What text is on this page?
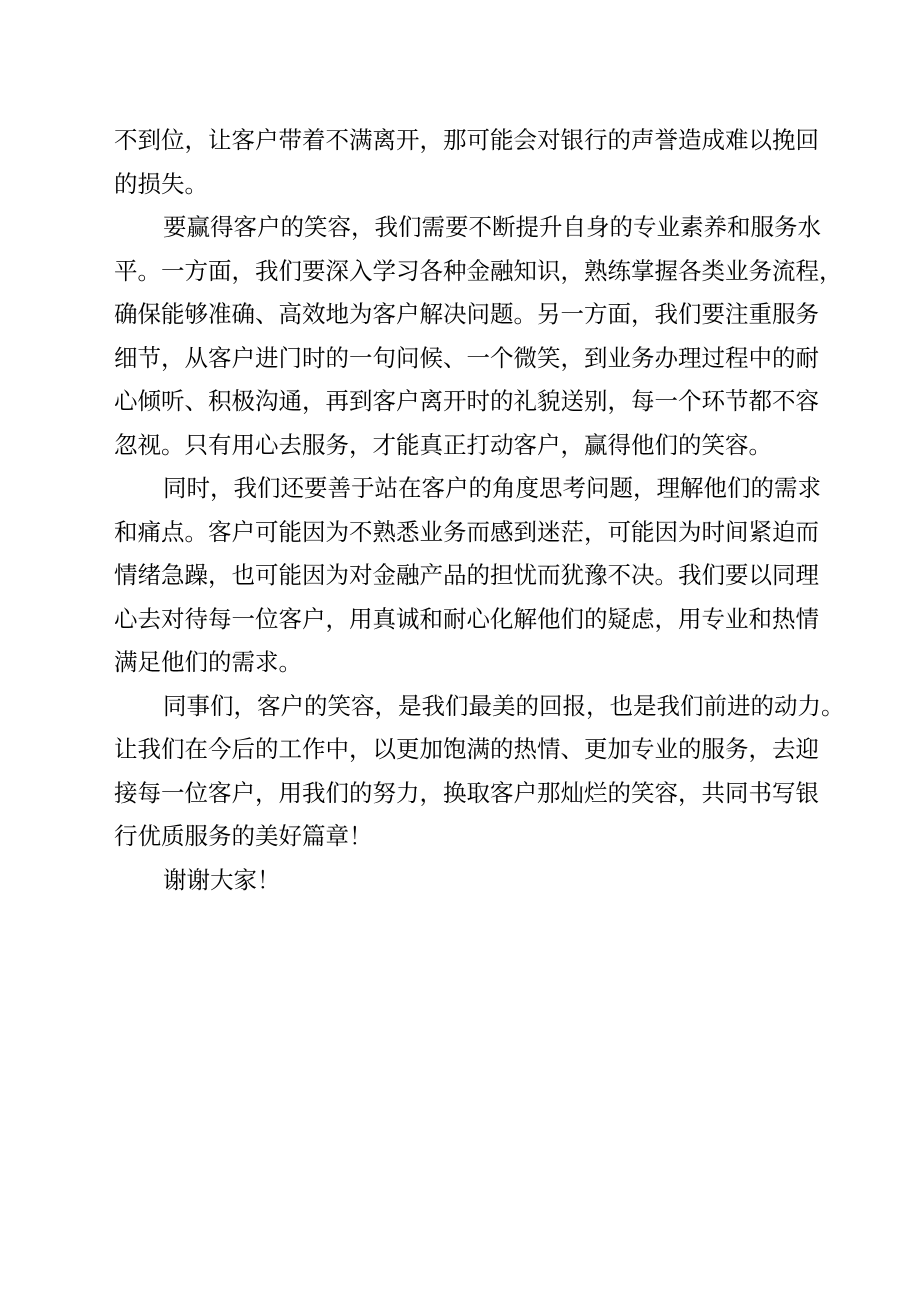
不到位，让客户带着不满离开，那可能会对银行的声誉造成难以挽回
的损失。
要赢得客户的笑容，我们需要不断提升自身的专业素养和服务水
平。一方面，我们要深入学习各种金融知识，熟练掌握各类业务流程，
确保能够准确、高效地为客户解决问题。另一方面，我们要注重服务
细节，从客户进门时的一句问候、一个微笑，到业务办理过程中的耐
心倾听、积极沟通，再到客户离开时的礼貌送别，每一个环节都不容
忽视。只有用心去服务，才能真正打动客户，赢得他们的笑容。
同时，我们还要善于站在客户的角度思考问题，理解他们的需求
和痛点。客户可能因为不熟悉业务而感到迷茫，可能因为时间紧迫而
情绪急躁，也可能因为对金融产品的担忧而犹豫不决。我们要以同理
心去对待每一位客户，用真诚和耐心化解他们的疑虑，用专业和热情
满足他们的需求。
同事们，客户的笑容，是我们最美的回报，也是我们前进的动力。
让我们在今后的工作中，以更加饱满的热情、更加专业的服务，去迎
接每一位客户，用我们的努力，换取客户那灿烂的笑容，共同书写银
行优质服务的美好篇章！
谢谢大家！
